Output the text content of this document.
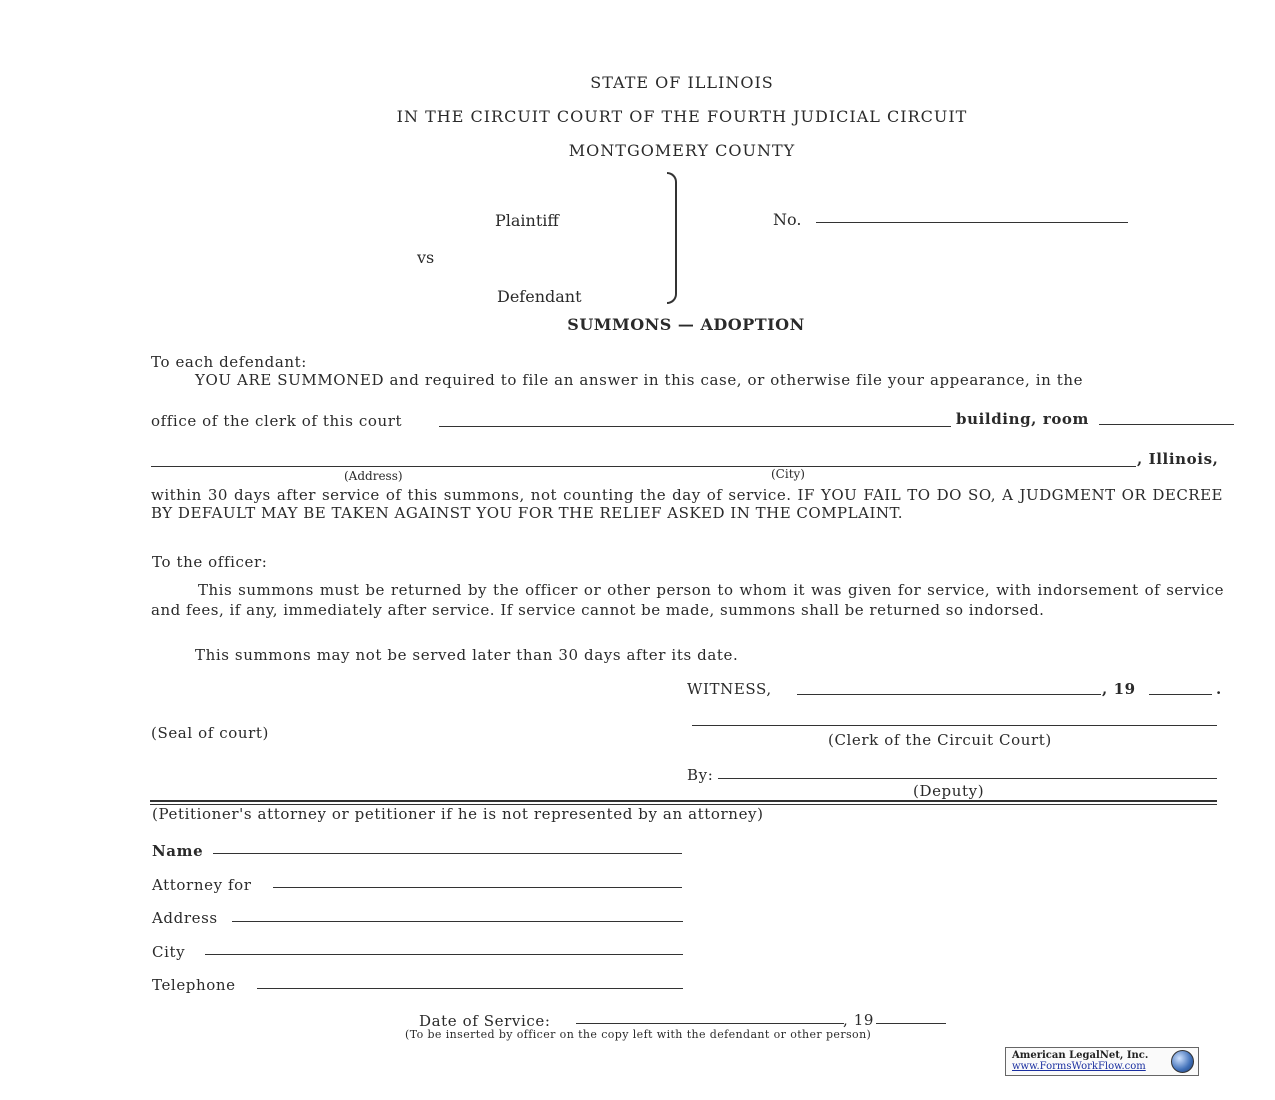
STATE OF ILLINOIS
IN THE CIRCUIT COURT OF THE FOURTH JUDICIAL CIRCUIT
MONTGOMERY COUNTY
Plaintiff
vs
Defendant
No.
SUMMONS — ADOPTION
To each defendant:
YOU ARE SUMMONED and required to file an answer in this case, or otherwise file your appearance, in the
office of the clerk of this court	building, room
, Illinois,
(Address)	(City)
within 30 days after service of this summons, not counting the day of service. IF YOU FAIL TO DO SO, A JUDGMENT OR DECREE BY DEFAULT MAY BE TAKEN AGAINST YOU FOR THE RELIEF ASKED IN THE COMPLAINT.
To the officer:
This summons must be returned by the officer or other person to whom it was given for service, with indorsement of service and fees, if any, immediately after service. If service cannot be made, summons shall be returned so indorsed.
This summons may not be served later than 30 days after its date.
WITNESS,	, 19	.
(Seal of court)	(Clerk of the Circuit Court)
By:
(Deputy)
(Petitioner's attorney or petitioner if he is not represented by an attorney)
Name
Attorney for
Address
City
Telephone
Date of Service:	, 19
(To be inserted by officer on the copy left with the defendant or other person)
American LegalNet, Inc.
www.FormsWorkFlow.com
